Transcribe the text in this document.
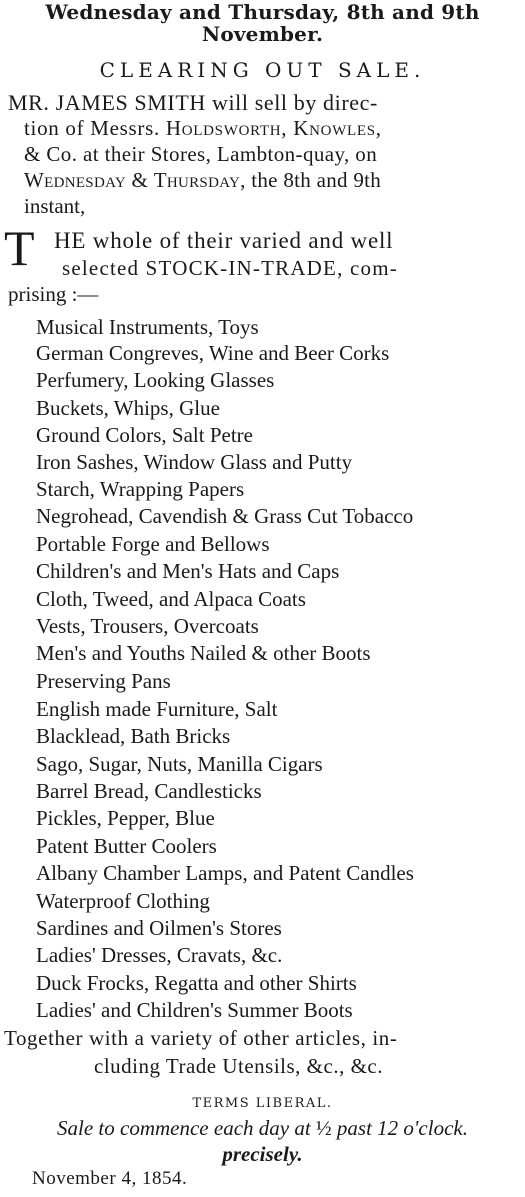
Wednesday and Thursday, 8th and 9th
November.
CLEARING OUT SALE.
MR. JAMES SMITH will sell by direc-
tion of Messrs. Holdsworth, Knowles,
& Co. at their Stores, Lambton-quay, on
Wednesday & Thursday, the 8th and 9th
instant,
T HE whole of their varied and well
selected STOCK-IN-TRADE, com-
prising :—
Musical Instruments, Toys
German Congreves, Wine and Beer Corks
Perfumery, Looking Glasses
Buckets, Whips, Glue
Ground Colors, Salt Petre
Iron Sashes, Window Glass and Putty
Starch, Wrapping Papers
Negrohead, Cavendish & Grass Cut Tobacco
Portable Forge and Bellows
Children's and Men's Hats and Caps
Cloth, Tweed, and Alpaca Coats
Vests, Trousers, Overcoats
Men's and Youths Nailed & other Boots
Preserving Pans
English made Furniture, Salt
Blacklead, Bath Bricks
Sago, Sugar, Nuts, Manilla Cigars
Barrel Bread, Candlesticks
Pickles, Pepper, Blue
Patent Butter Coolers
Albany Chamber Lamps, and Patent Candles
Waterproof Clothing
Sardines and Oilmen's Stores
Ladies' Dresses, Cravats, &c.
Duck Frocks, Regatta and other Shirts
Ladies' and Children's Summer Boots
Together with a variety of other articles, in-
cluding Trade Utensils, &c., &c.
TERMS LIBERAL.
Sale to commence each day at ½ past 12 o'clock.
precisely.
November 4, 1854.
